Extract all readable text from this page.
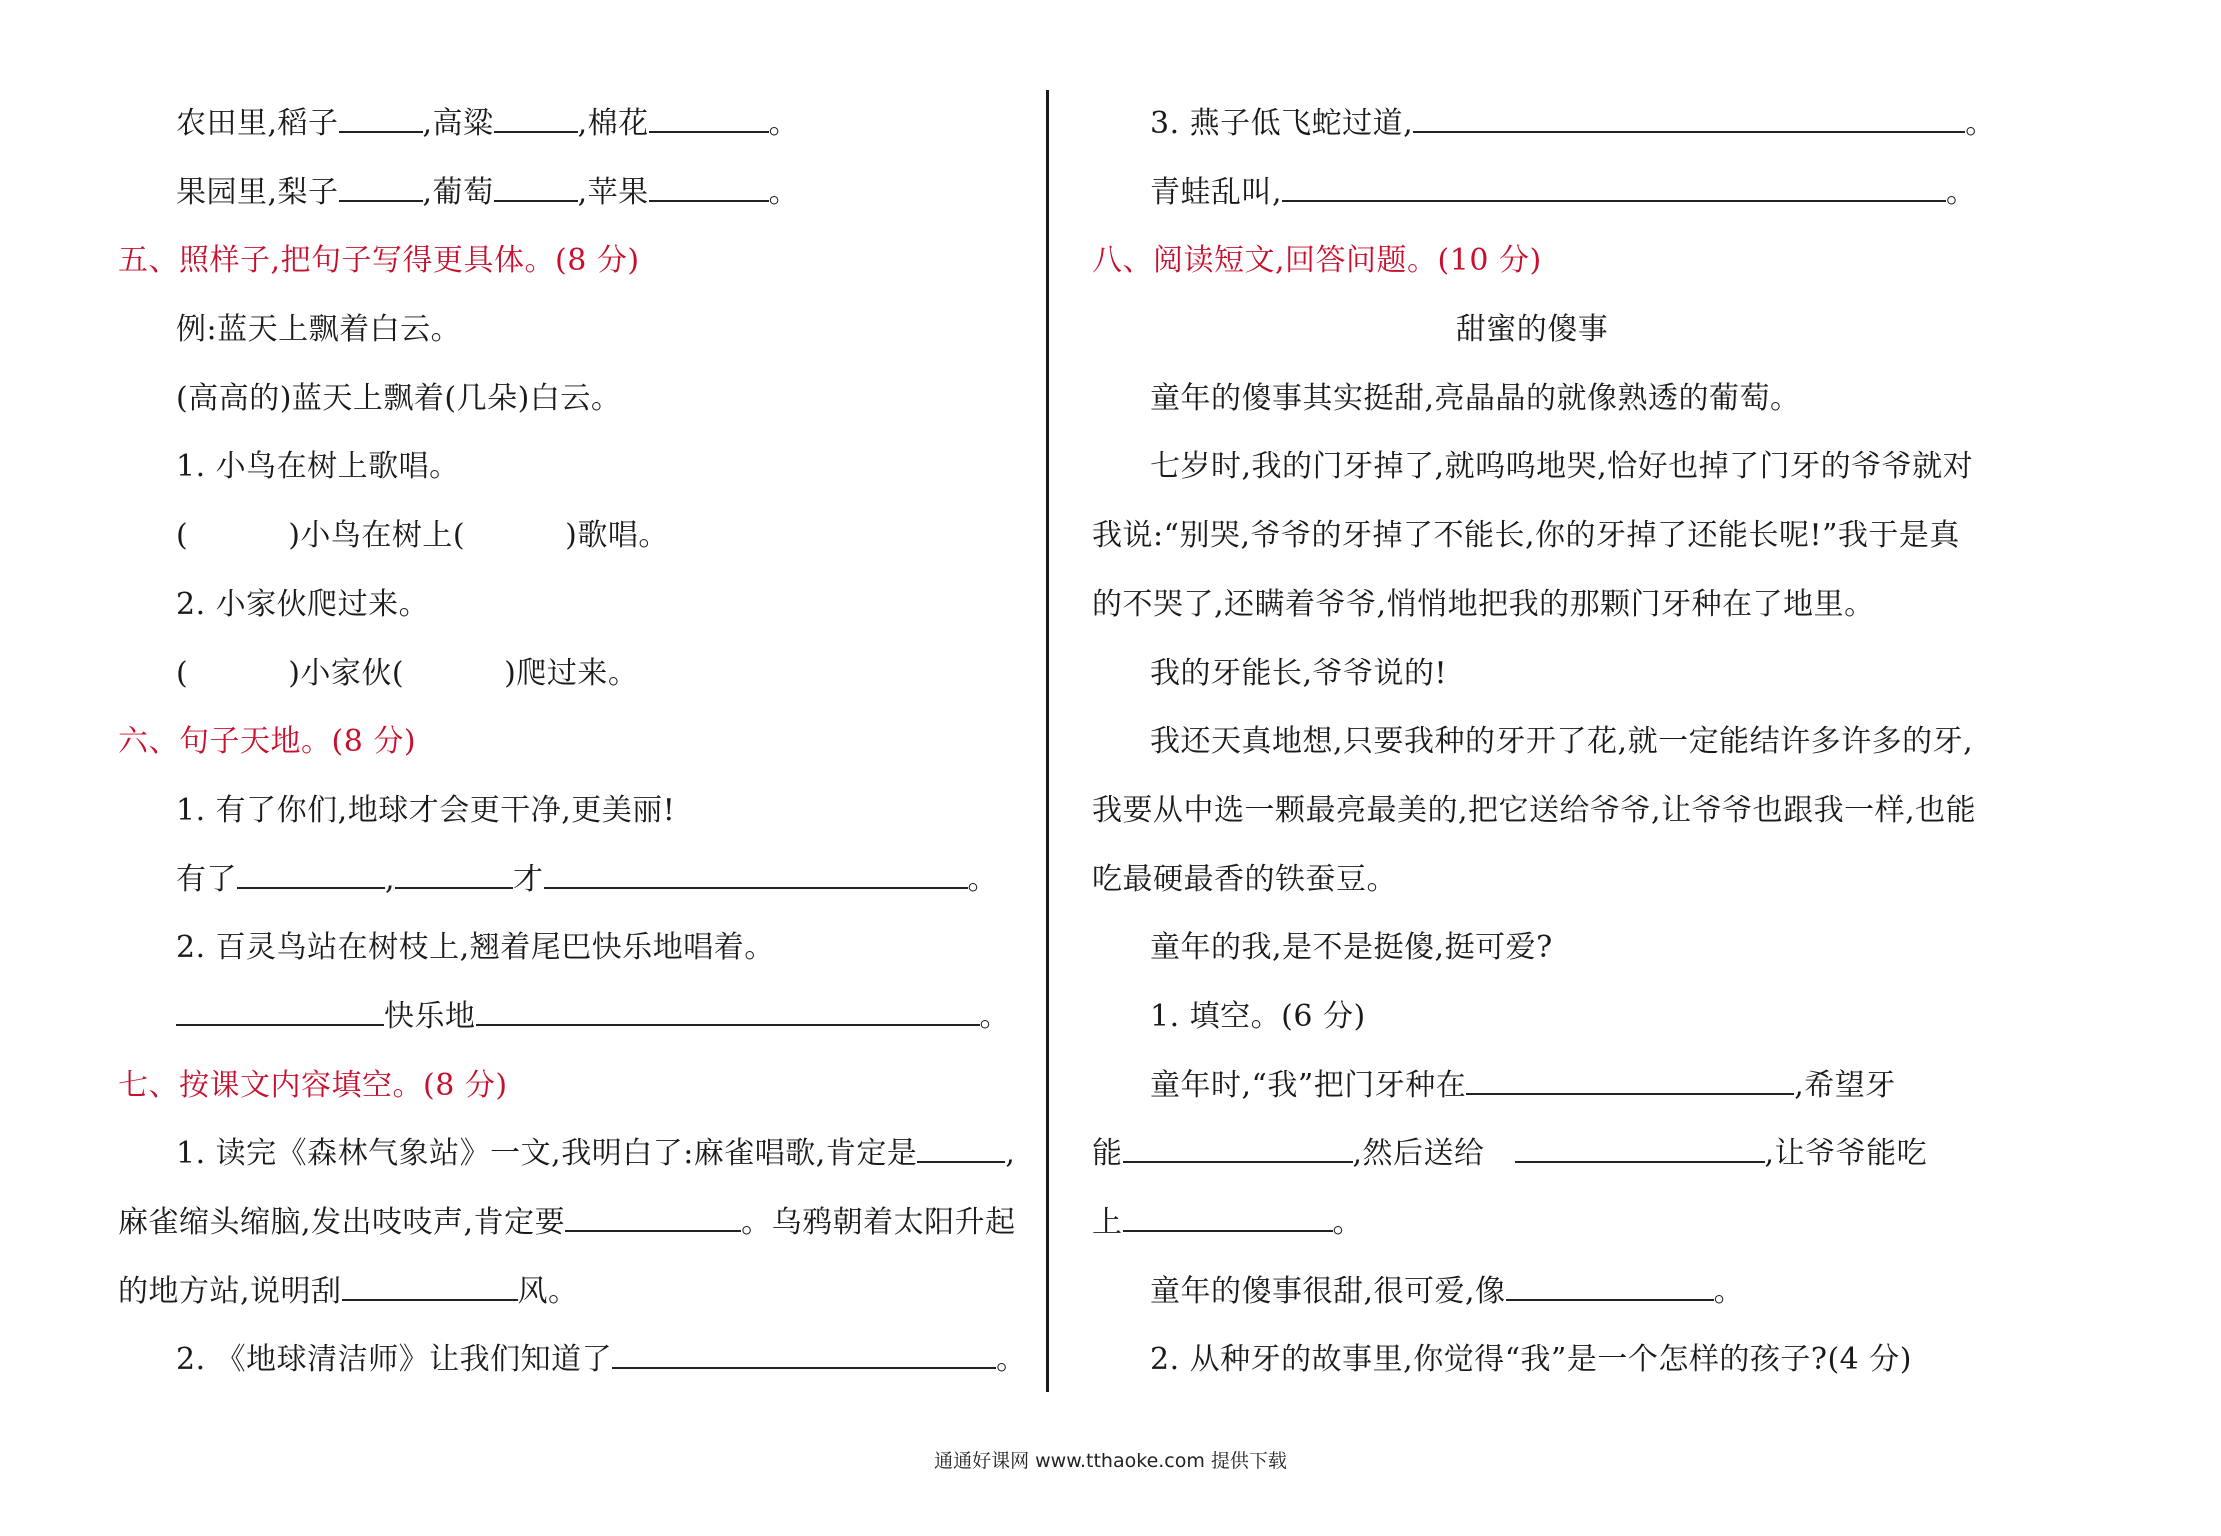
农田里,稻子	,高粱	,棉花	。
果园里,梨子	,葡萄	,苹果	。
五、照样子,把句子写得更具体。(8 分)
例:蓝天上飘着白云。
(高高的)蓝天上飘着(几朵)白云。
1. 小鸟在树上歌唱。
(	)小鸟在树上(	)歌唱。
2. 小家伙爬过来。
(	)小家伙(	)爬过来。
六、句子天地。(8 分)
1. 有了你们,地球才会更干净,更美丽!
有了	,	才	。
2. 百灵鸟站在树枝上,翘着尾巴快乐地唱着。
快乐地	。
七、按课文内容填空。(8 分)
1. 读完《森林气象站》一文,我明白了:麻雀唱歌,肯定是	,
麻雀缩头缩脑,发出吱吱声,肯定要	。乌鸦朝着太阳升起
的地方站,说明刮	风。
2. 《地球清洁师》让我们知道了	。
3. 燕子低飞蛇过道,	。
青蛙乱叫,	。
八、阅读短文,回答问题。(10 分)
甜蜜的傻事
童年的傻事其实挺甜,亮晶晶的就像熟透的葡萄。
七岁时,我的门牙掉了,就呜呜地哭,恰好也掉了门牙的爷爷就对
我说:“别哭,爷爷的牙掉了不能长,你的牙掉了还能长呢!”我于是真
的不哭了,还瞒着爷爷,悄悄地把我的那颗门牙种在了地里。
我的牙能长,爷爷说的!
我还天真地想,只要我种的牙开了花,就一定能结许多许多的牙,
我要从中选一颗最亮最美的,把它送给爷爷,让爷爷也跟我一样,也能
吃最硬最香的铁蚕豆。
童年的我,是不是挺傻,挺可爱?
1. 填空。(6 分)
童年时,“我”把门牙种在	,希望牙
能	,然后送给	,让爷爷能吃
上	。
童年的傻事很甜,很可爱,像	。
2. 从种牙的故事里,你觉得“我”是一个怎样的孩子?(4 分)
通通好课网 www.tthaoke.com 提供下载
